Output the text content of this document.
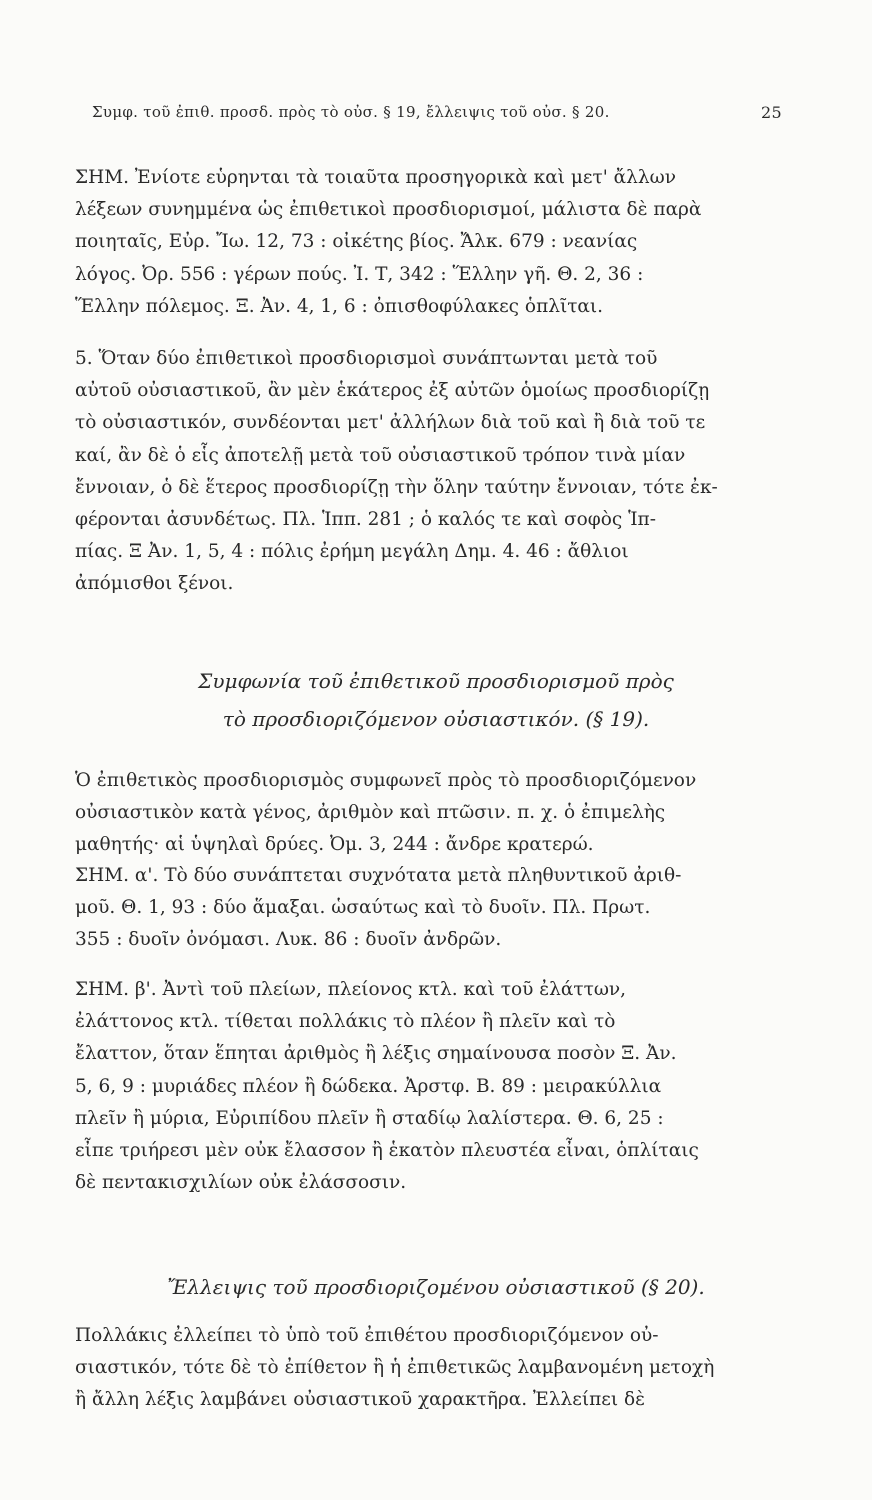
Συμφ. τοῦ ἐπιθ. προσδ. πρὸς τὸ οὐσ. § 19, ἔλλειψις τοῦ οὐσ. § 20.	25
ΣΗΜ. Ἐνίοτε εὑρηνται τὰ τοιαῦτα προσηγορικὰ καὶ μετ' ἄλλων
λέξεων συνημμένα ὡς ἐπιθετικοὶ προσδιορισμοί, μάλιστα δὲ παρὰ
ποιηταῖς, Εὐρ. Ἴω. 12, 73 : οἰκέτης βίος. Ἄλκ. 679 : νεανίας
λόγος. Ὀρ. 556 : γέρων πούς. Ἰ. Τ, 342 : Ἕλλην γῆ. Θ. 2, 36 :
Ἕλλην πόλεμος. Ξ. Ἀν. 4, 1, 6 : ὀπισθοφύλακες ὁπλῖται.
5. Ὅταν δύο ἐπιθετικοὶ προσδιορισμοὶ συνάπτωνται μετὰ τοῦ
αὐτοῦ οὐσιαστικοῦ, ἂν μὲν ἑκάτερος ἐξ αὐτῶν ὁμοίως προσδιορίζῃ
τὸ οὐσιαστικόν, συνδέονται μετ' ἀλλήλων διὰ τοῦ καὶ ἢ διὰ τοῦ τε
καί, ἂν δὲ ὁ εἷς ἀποτελῇ μετὰ τοῦ οὐσιαστικοῦ τρόπον τινὰ μίαν
ἔννοιαν, ὁ δὲ ἕτερος προσδιορίζῃ τὴν ὅλην ταύτην ἔννοιαν, τότε ἐκ-
φέρονται ἀσυνδέτως. Πλ. Ἱππ. 281 ; ὁ καλός τε καὶ σοφὸς Ἱπ-
πίας. Ξ Ἀν. 1, 5, 4 : πόλις ἐρήμη μεγάλη Δημ. 4. 46 : ἄθλιοι
ἀπόμισθοι ξένοι.
Συμφωνία τοῦ ἐπιθετικοῦ προσδιορισμοῦ πρὸς
τὸ προσδιοριζόμενον οὐσιαστικόν. (§ 19).
Ὁ ἐπιθετικὸς προσδιορισμὸς συμφωνεῖ πρὸς τὸ προσδιοριζόμενον
οὐσιαστικὸν κατὰ γένος, ἀριθμὸν καὶ πτῶσιν. π. χ. ὁ ἐπιμελὴς
μαθητής· αἱ ὑψηλαὶ δρύες. Ὀμ. 3, 244 : ἄνδρε κρατερώ.
ΣΗΜ. α'. Τὸ δύο συνάπτεται συχνότατα μετὰ πληθυντικοῦ ἀριθ-
μοῦ. Θ. 1, 93 : δύο ἅμαξαι. ὡσαύτως καὶ τὸ δυοῖν. Πλ. Πρωτ.
355 : δυοῖν ὀνόμασι. Λυκ. 86 : δυοῖν ἀνδρῶν.
ΣΗΜ. β'. Ἀντὶ τοῦ πλείων, πλείονος κτλ. καὶ τοῦ ἐλάττων,
ἐλάττονος κτλ. τίθεται πολλάκις τὸ πλέον ἢ πλεῖν καὶ τὸ
ἔλαττον, ὅταν ἕπηται ἀριθμὸς ἢ λέξις σημαίνουσα ποσὸν Ξ. Ἀν.
5, 6, 9 : μυριάδες πλέον ἢ δώδεκα. Ἀρστφ. Β. 89 : μειρακύλλια
πλεῖν ἢ μύρια, Εὐριπίδου πλεῖν ἢ σταδίῳ λαλίστερα. Θ. 6, 25 :
εἶπε τριήρεσι μὲν οὐκ ἔλασσον ἢ ἑκατὸν πλευστέα εἶναι, ὁπλίταις
δὲ πεντακισχιλίων οὐκ ἐλάσσοσιν.
Ἔλλειψις τοῦ προσδιοριζομένου οὐσιαστικοῦ (§ 20).
Πολλάκις ἐλλείπει τὸ ὑπὸ τοῦ ἐπιθέτου προσδιοριζόμενον οὐ-
σιαστικόν, τότε δὲ τὸ ἐπίθετον ἢ ἡ ἐπιθετικῶς λαμβανομένη μετοχὴ
ἢ ἄλλη λέξις λαμβάνει οὐσιαστικοῦ χαρακτῆρα. Ἐλλείπει δὲ
